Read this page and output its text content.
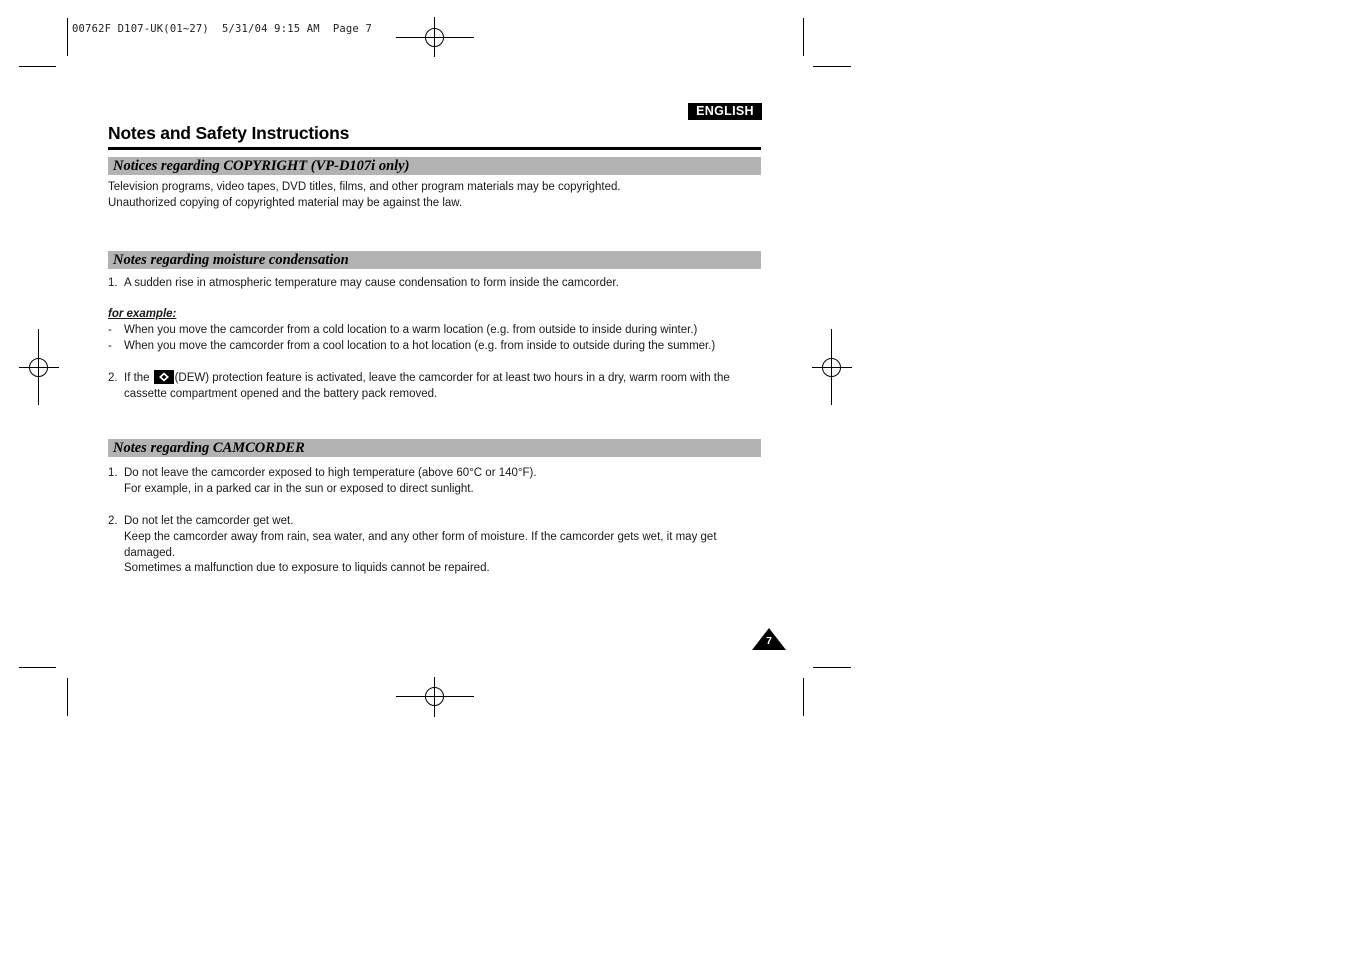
00762F D107-UK(01~27)  5/31/04 9:15 AM  Page 7
ENGLISH
Notes and Safety Instructions
Notices regarding COPYRIGHT (VP-D107i only)
Television programs, video tapes, DVD titles, films, and other program materials may be copyrighted.
Unauthorized copying of copyrighted material may be against the law.
Notes regarding moisture condensation
1. A sudden rise in atmospheric temperature may cause condensation to form inside the camcorder.
for example:
- When you move the camcorder from a cold location to a warm location (e.g. from outside to inside during winter.)
- When you move the camcorder from a cool location to a hot location (e.g. from inside to outside during the summer.)
2. If the (DEW) protection feature is activated, leave the camcorder for at least two hours in a dry, warm room with the
cassette compartment opened and the battery pack removed.
Notes regarding CAMCORDER
1. Do not leave the camcorder exposed to high temperature (above 60°C or 140°F).
For example, in a parked car in the sun or exposed to direct sunlight.
2. Do not let the camcorder get wet.
Keep the camcorder away from rain, sea water, and any other form of moisture. If the camcorder gets wet, it may get
damaged.
Sometimes a malfunction due to exposure to liquids cannot be repaired.
7
